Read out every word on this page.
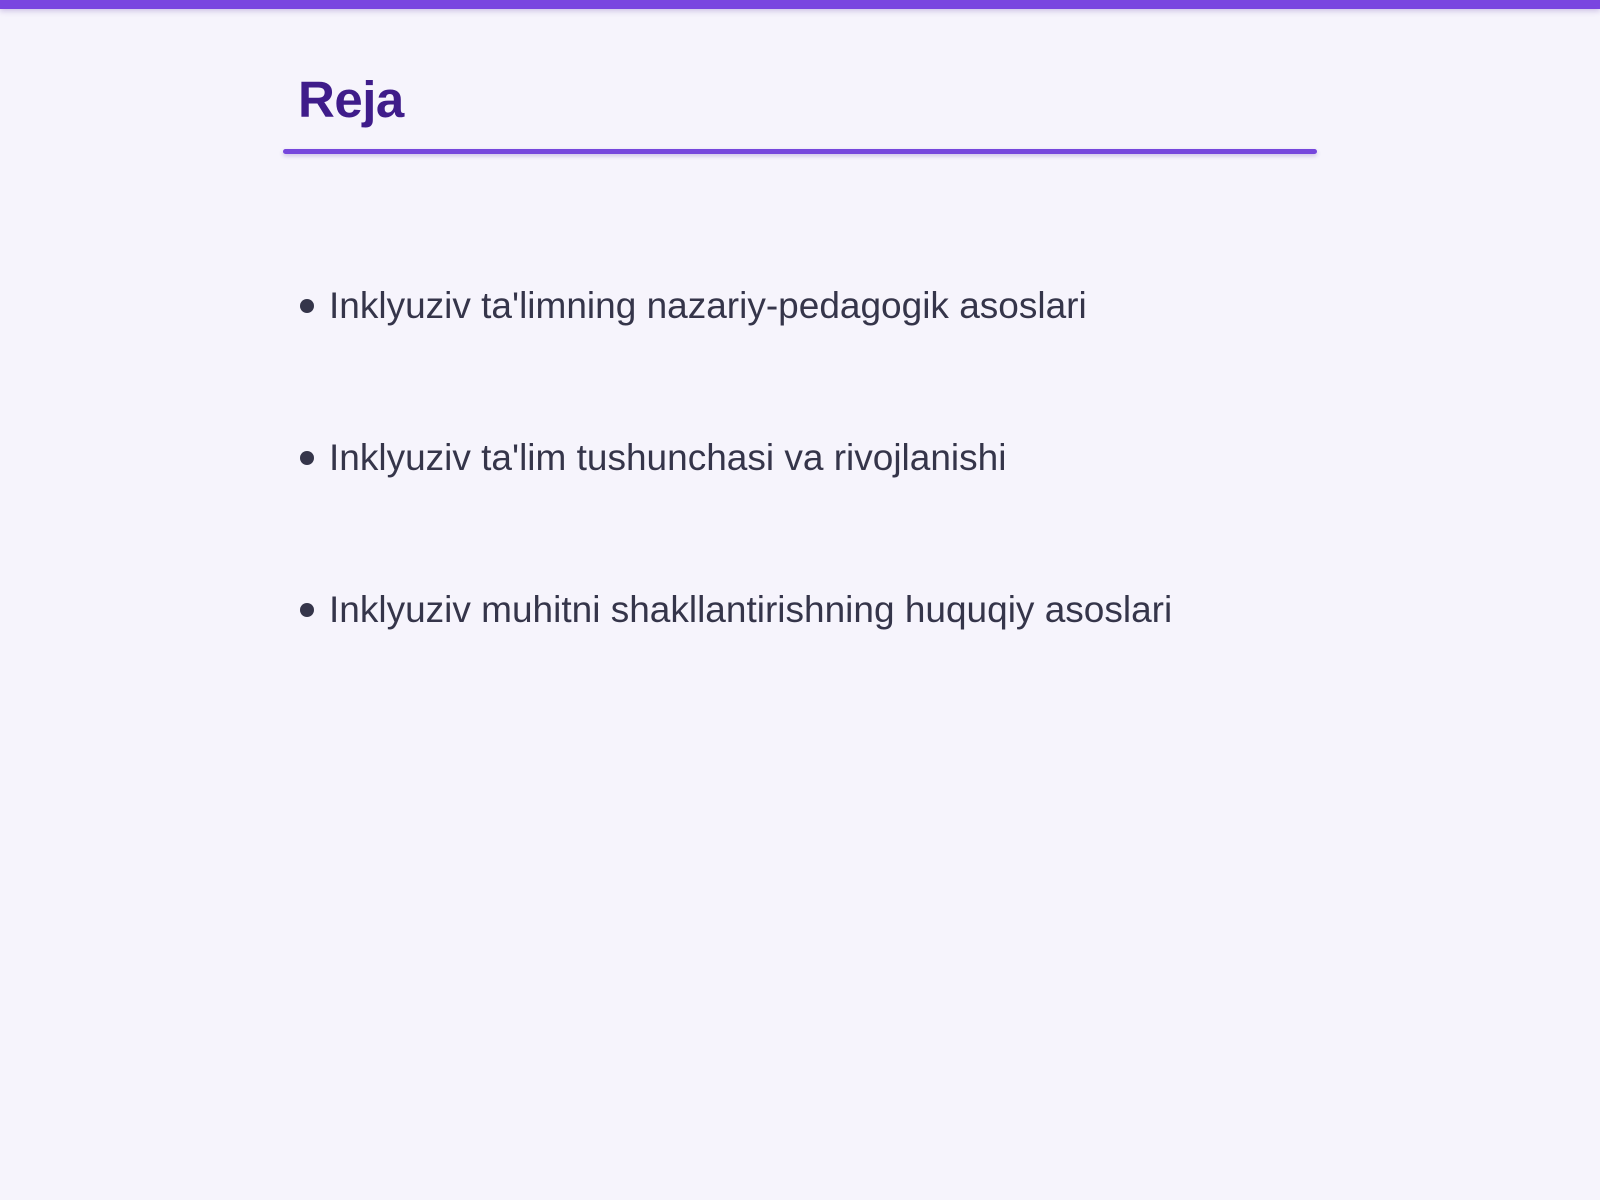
Reja
Inklyuziv ta'limning nazariy-pedagogik asoslari
Inklyuziv ta'lim tushunchasi va rivojlanishi
Inklyuziv muhitni shakllantirishning huquqiy asoslari
